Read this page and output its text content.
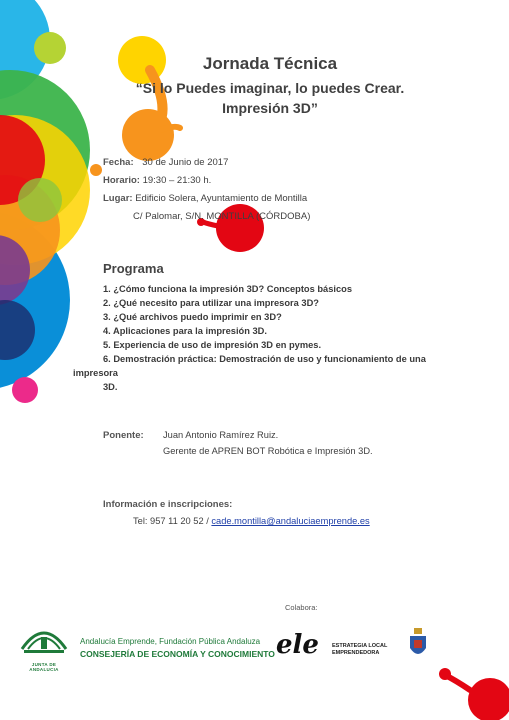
Jornada Técnica
“Si lo Puedes imaginar, lo puedes Crear.
Impresión 3D”
Fecha: 30 de Junio de 2017
Horario: 19:30 – 21:30 h.
Lugar: Edificio Solera, Ayuntamiento de Montilla
C/ Palomar, S/N. MONTILLA (CÓRDOBA)
Programa
1. ¿Cómo funciona la impresión 3D? Conceptos básicos
2. ¿Qué necesito para utilizar una impresora 3D?
3. ¿Qué archivos puedo imprimir en 3D?
4. Aplicaciones para la impresión 3D.
5. Experiencia de uso de impresión 3D en pymes.
6. Demostración práctica: Demostración de uso y funcionamiento de una
impresora
3D.
Ponente: Juan Antonio Ramírez Ruiz.
Gerente de APREN BOT Robótica e Impresión 3D.
Información e inscripciones:
Tel: 957 11 20 52 / cade.montilla@andaluciaemprende.es
Colabora:
JUNTA DE ANDALUCIA
Andalucía Emprende, Fundación Pública Andaluza
CONSEJERÍA DE ECONOMÍA Y CONOCIMIENTO ele ESTRATEGIA LOCAL
EMPRENDEDORA
